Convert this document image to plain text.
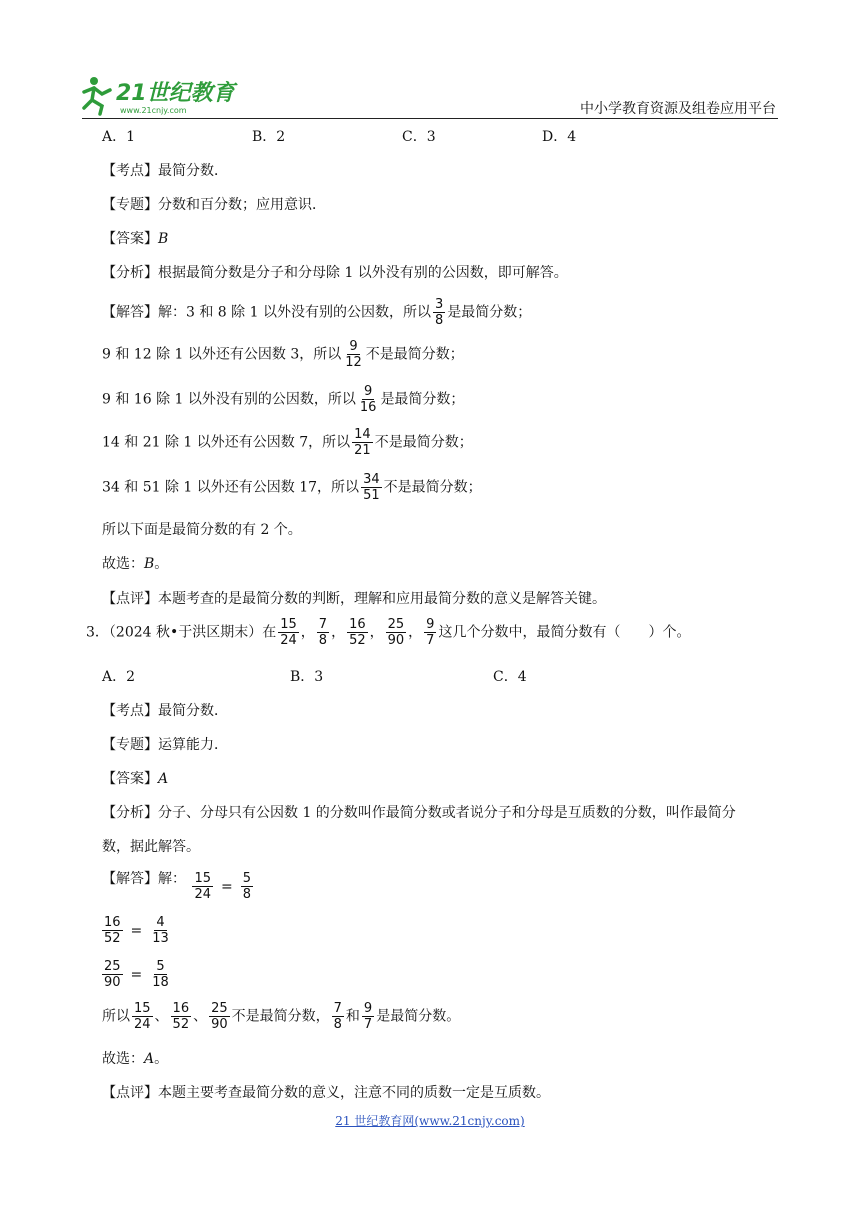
21世纪教育
www.21cnjy.com	中小学教育资源及组卷应用平台
A．1	B．2	C．3	D．4
【考点】最简分数．
【专题】分数和百分数；应用意识．
【答案】B
【分析】根据最简分数是分子和分母除 1 以外没有别的公因数，即可解答。
【解答】解：3 和 8 除 1 以外没有别的公因数，所以 $\frac{3}{8}$ 是最简分数；
9 和 12 除 1 以外还有公因数 3，所以 $\frac{9}{12}$ 不是最简分数；
9 和 16 除 1 以外没有别的公因数，所以 $\frac{9}{16}$ 是最简分数；
14 和 21 除 1 以外还有公因数 7，所以 $\frac{14}{21}$ 不是最简分数；
34 和 51 除 1 以外还有公因数 17，所以 $\frac{34}{51}$ 不是最简分数；
所以下面是最简分数的有 2 个。
故选：B。
【点评】本题考查的是最简分数的判断，理解和应用最简分数的意义是解答关键。
3．（2024 秋•于洪区期末）在 $\frac{15}{24}$ ， $\frac{7}{8}$ ， $\frac{16}{52}$ ， $\frac{25}{90}$ ， $\frac{9}{7}$ 这几个分数中，最简分数有（　　）个。
A．2	B．3	C．4
【考点】最简分数．
【专题】运算能力．
【答案】A
【分析】分子、分母只有公因数 1 的分数叫作最简分数或者说分子和分母是互质数的分数，叫作最简分
数，据此解答。
【解答】解： $\frac{15}{24} = \frac{5}{8}$
$\frac{16}{52} = \frac{4}{13}$
$\frac{25}{90} = \frac{5}{18}$
所以 $\frac{15}{24}$ 、 $\frac{16}{52}$ 、 $\frac{25}{90}$ 不是最简分数， $\frac{7}{8}$ 和 $\frac{9}{7}$ 是最简分数。
故选：A。
【点评】本题主要考查最简分数的意义，注意不同的质数一定是互质数。
21 世纪教育网(www.21cnjy.com)
